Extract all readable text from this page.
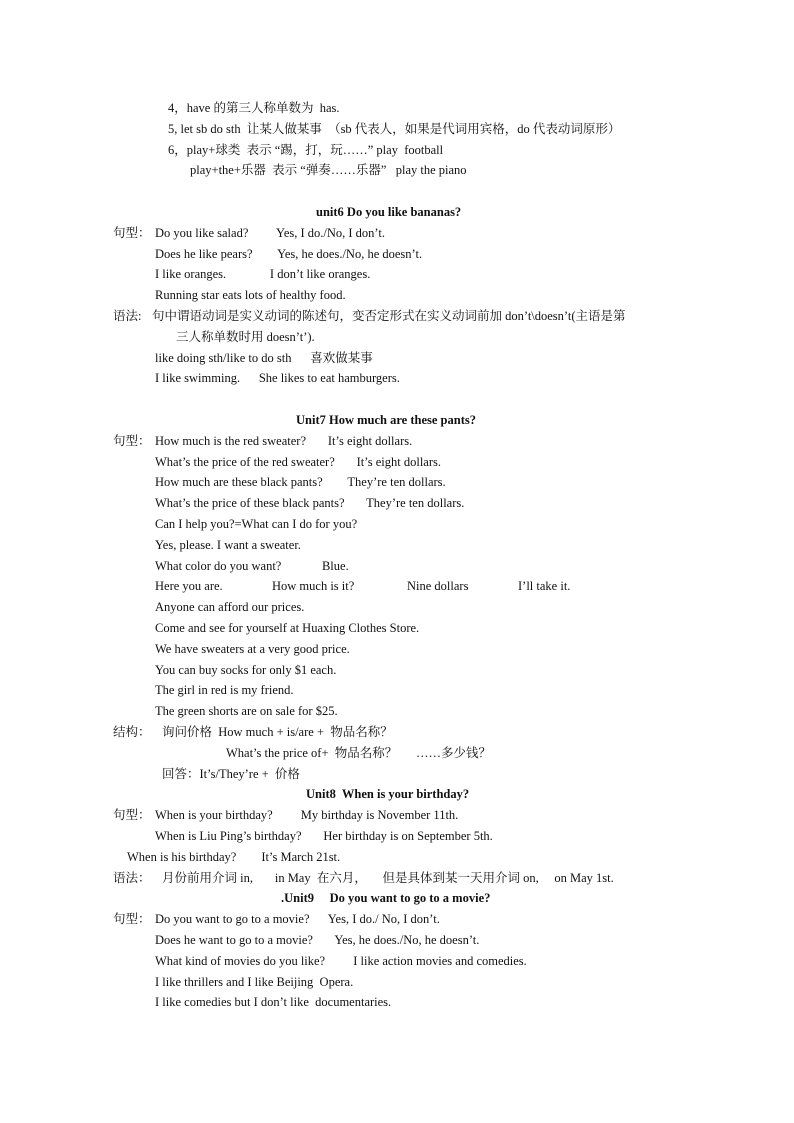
4，have 的第三人称单数为  has.
5, let sb do sth  让某人做某事  （sb 代表人，如果是代词用宾格，do 代表动词原形）
6，play+球类  表示 “踢，打，玩……” play  football
play+the+乐器  表示 “弹奏……乐器”   play the piano
unit6 Do you like bananas?
句型： Do you like salad?         Yes, I do./No, I don’t.
Does he like pears?        Yes, he does./No, he doesn’t.
I like oranges.              I don’t like oranges.
Running star eats lots of healthy food.
语法: 句中谓语动词是实义动词的陈述句，变否定形式在实义动词前加 don’t\doesn’t(主语是第
三人称单数时用 doesn’t’).
like doing sth/like to do sth      喜欢做某事
I like swimming.      She likes to eat hamburgers.
Unit7 How much are these pants?
句型： How much is the red sweater?       It’s eight dollars.
What’s the price of the red sweater?       It’s eight dollars.
How much are these black pants?        They’re ten dollars.
What’s the price of these black pants?       They’re ten dollars.
Can I help you?=What can I do for you?
Yes, please. I want a sweater.
What color do you want?             Blue.
Here you are.	How much is it?	Nine dollars	I’ll take it.
Anyone can afford our prices.
Come and see for yourself at Huaxing Clothes Store.
We have sweaters at a very good price.
You can buy socks for only $1 each.
The girl in red is my friend.
The green shorts are on sale for $25.
结构： 询问价格  How much + is/are +  物品名称？
What’s the price of+  物品名称？      ……多少钱？
回答：It’s/They’re +  价格
Unit8  When is your birthday?
句型： When is your birthday?         My birthday is November 11th.
When is Liu Ping’s birthday?       Her birthday is on September 5th.
When is his birthday?        It’s March 21st.
语法： 月份前用介词 in,       in May  在六月，     但是具体到某一天用介词 on,     on May 1st.
.Unit9     Do you want to go to a movie?
句型： Do you want to go to a movie?      Yes, I do./ No, I don’t.
Does he want to go to a movie?       Yes, he does./No, he doesn’t.
What kind of movies do you like?         I like action movies and comedies.
I like thrillers and I like Beijing  Opera.
I like comedies but I don’t like  documentaries.
